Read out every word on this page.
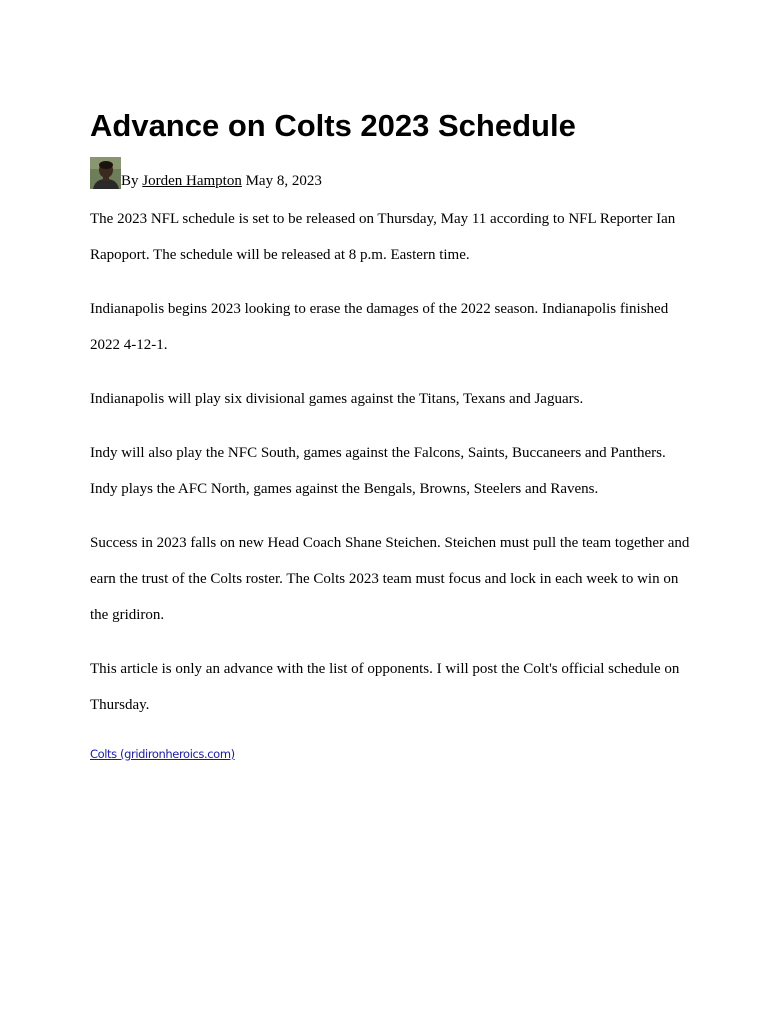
Advance on Colts 2023 Schedule
By Jorden Hampton May 8, 2023

The 2023 NFL schedule is set to be released on Thursday, May 11 according to NFL Reporter Ian Rapoport. The schedule will be released at 8 p.m. Eastern time.

Indianapolis begins 2023 looking to erase the damages of the 2022 season. Indianapolis finished 2022 4-12-1.

Indianapolis will play six divisional games against the Titans, Texans and Jaguars.

Indy will also play the NFC South, games against the Falcons, Saints, Buccaneers and Panthers. Indy plays the AFC North, games against the Bengals, Browns, Steelers and Ravens.

Success in 2023 falls on new Head Coach Shane Steichen. Steichen must pull the team together and earn the trust of the Colts roster. The Colts 2023 team must focus and lock in each week to win on the gridiron.

This article is only an advance with the list of opponents. I will post the Colt's official schedule on Thursday.

Colts (gridironheroics.com)
